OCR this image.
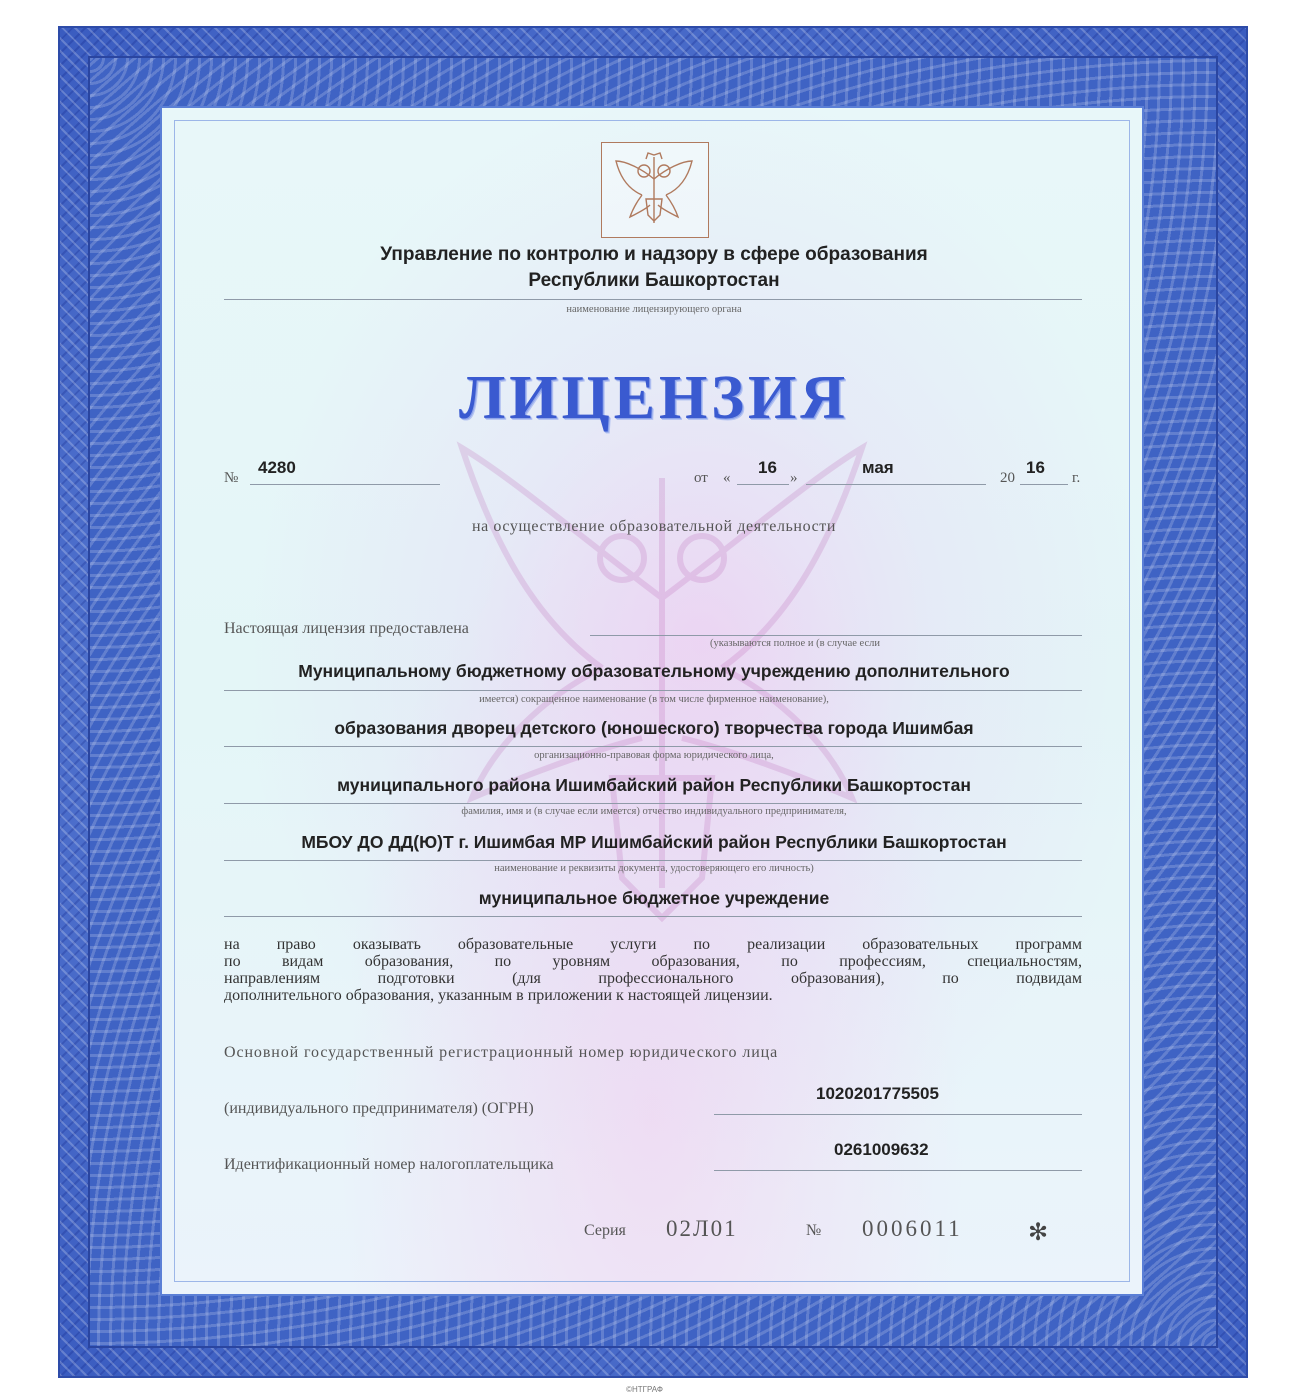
Управление по контролю и надзору в сфере образования
Республики Башкортостан
наименование лицензирующего органа
ЛИЦЕНЗИЯ
№
4280
от «
16
»
мая
20
16
г.
на осуществление образовательной деятельности
Настоящая лицензия предоставлена
(указываются полное и (в случае если
Муниципальному бюджетному образовательному учреждению дополнительного
имеется) сокращенное наименование (в том числе фирменное наименование),
образования дворец детского (юношеского) творчества города Ишимбая
организационно-правовая форма юридического лица,
муниципального района Ишимбайский район Республики Башкортостан
фамилия, имя и (в случае если имеется) отчество индивидуального предпринимателя,
МБОУ ДО ДД(Ю)Т г. Ишимбая МР Ишимбайский район Республики Башкортостан
наименование и реквизиты документа, удостоверяющего его личность)
муниципальное бюджетное учреждение
на право оказывать образовательные услуги по реализации образовательных программ
по видам образования, по уровням образования, по профессиям, специальностям,
направлениям подготовки (для профессионального образования), по подвидам
дополнительного образования, указанным в приложении к настоящей лицензии.
Основной государственный регистрационный номер юридического лица
(индивидуального предпринимателя) (ОГРН)
1020201775505
Идентификационный номер налогоплательщика
0261009632
Серия 02Л01	№ 0006011	✻
©НТГРАФ
